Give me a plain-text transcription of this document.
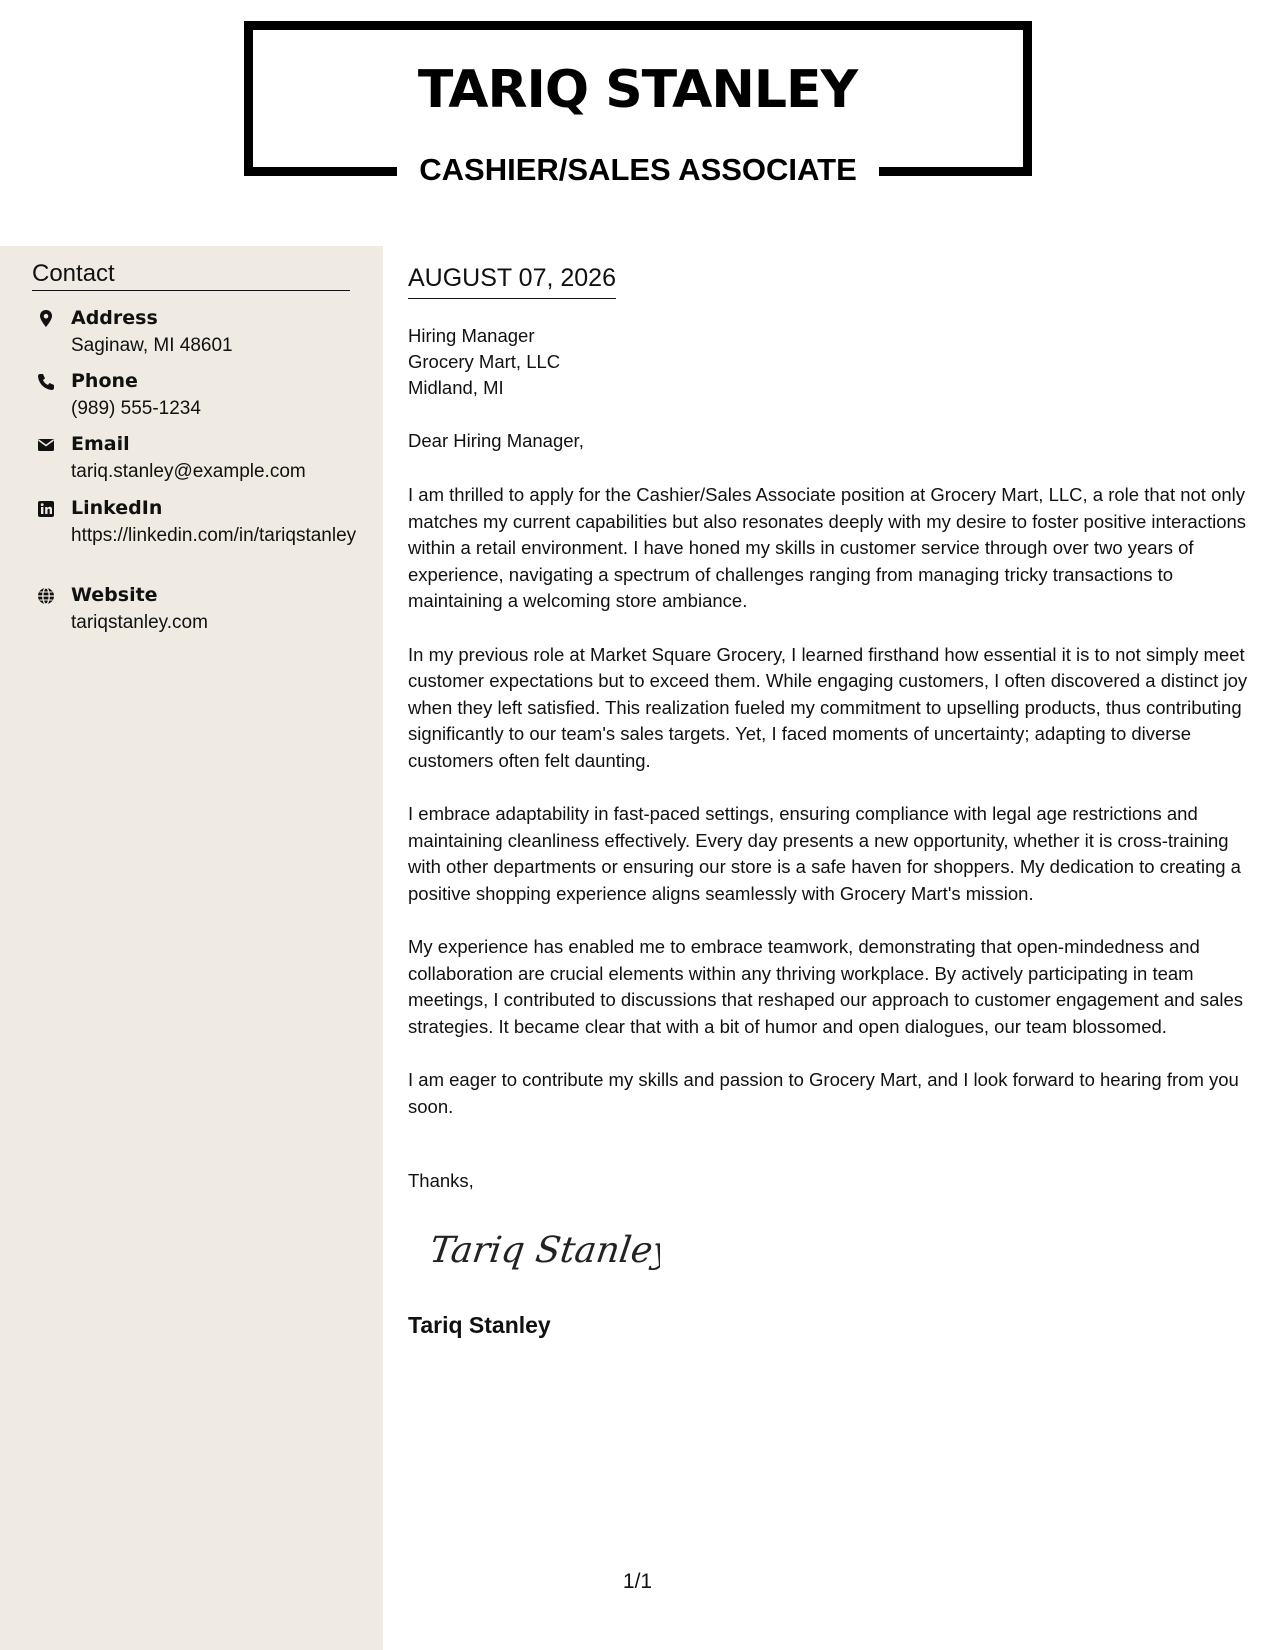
TARIQ STANLEY
CASHIER/SALES ASSOCIATE
Contact
Address
Saginaw, MI 48601
Phone
(989) 555-1234
Email
tariq.stanley@example.com
LinkedIn
https://linkedin.com/in/tariqstanley
Website
tariqstanley.com
AUGUST 07, 2026
Hiring Manager
Grocery Mart, LLC
Midland, MI
Dear Hiring Manager,

I am thrilled to apply for the Cashier/Sales Associate position at Grocery Mart, LLC, a role that not only matches my current capabilities but also resonates deeply with my desire to foster positive interactions within a retail environment. I have honed my skills in customer service through over two years of experience, navigating a spectrum of challenges ranging from managing tricky transactions to maintaining a welcoming store ambiance.

In my previous role at Market Square Grocery, I learned firsthand how essential it is to not simply meet customer expectations but to exceed them. While engaging customers, I often discovered a distinct joy when they left satisfied. This realization fueled my commitment to upselling products, thus contributing significantly to our team's sales targets. Yet, I faced moments of uncertainty; adapting to diverse customers often felt daunting.

I embrace adaptability in fast-paced settings, ensuring compliance with legal age restrictions and maintaining cleanliness effectively. Every day presents a new opportunity, whether it is cross-training with other departments or ensuring our store is a safe haven for shoppers. My dedication to creating a positive shopping experience aligns seamlessly with Grocery Mart's mission.

My experience has enabled me to embrace teamwork, demonstrating that open-mindedness and collaboration are crucial elements within any thriving workplace. By actively participating in team meetings, I contributed to discussions that reshaped our approach to customer engagement and sales strategies. It became clear that with a bit of humor and open dialogues, our team blossomed.

I am eager to contribute my skills and passion to Grocery Mart, and I look forward to hearing from you soon.

Thanks,
Tariq Stanley
Tariq Stanley
1/1
